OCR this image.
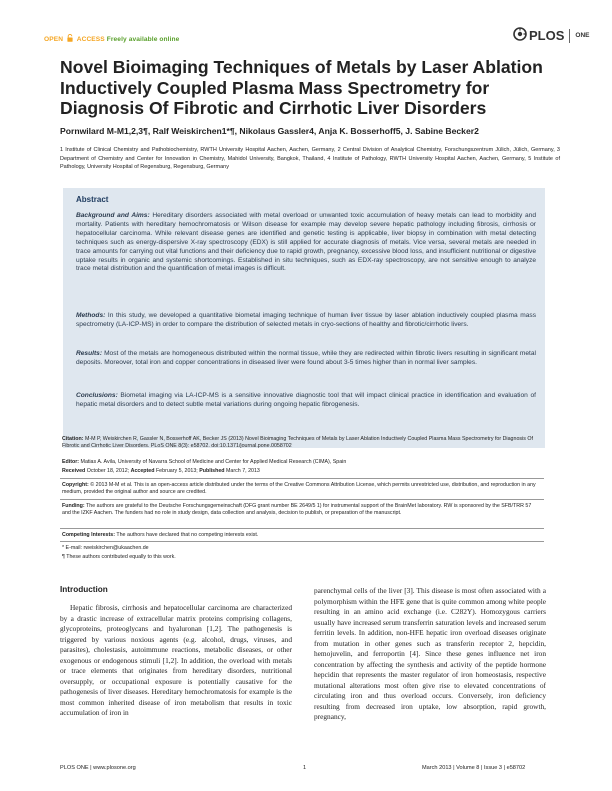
OPEN ACCESS Freely available online	PLOS ONE
Novel Bioimaging Techniques of Metals by Laser Ablation Inductively Coupled Plasma Mass Spectrometry for Diagnosis Of Fibrotic and Cirrhotic Liver Disorders
Pornwilard M-M1,2,3¶, Ralf Weiskirchen1*¶, Nikolaus Gassler4, Anja K. Bosserhoff5, J. Sabine Becker2
1 Institute of Clinical Chemistry and Pathobiochemistry, RWTH University Hospital Aachen, Aachen, Germany, 2 Central Division of Analytical Chemistry, Forschungszentrum Jülich, Jülich, Germany, 3 Department of Chemistry and Center for Innovation in Chemistry, Mahidol University, Bangkok, Thailand, 4 Institute of Pathology, RWTH University Hospital Aachen, Aachen, Germany, 5 Institute of Pathology, University Hospital of Regensburg, Regensburg, Germany
Abstract
Background and Aims: Hereditary disorders associated with metal overload or unwanted toxic accumulation of heavy metals can lead to morbidity and mortality. Patients with hereditary hemochromatosis or Wilson disease for example may develop severe hepatic pathology including fibrosis, cirrhosis or hepatocellular carcinoma. While relevant disease genes are identified and genetic testing is applicable, liver biopsy in combination with metal detecting techniques such as energy-dispersive X-ray spectroscopy (EDX) is still applied for accurate diagnosis of metals. Vice versa, several metals are needed in trace amounts for carrying out vital functions and their deficiency due to rapid growth, pregnancy, excessive blood loss, and insufficient nutritional or digestive uptake results in organic and systemic shortcomings. Established in situ techniques, such as EDX-ray spectroscopy, are not sensitive enough to analyze trace metal distribution and the quantification of metal images is difficult.
Methods: In this study, we developed a quantitative biometal imaging technique of human liver tissue by laser ablation inductively coupled plasma mass spectrometry (LA-ICP-MS) in order to compare the distribution of selected metals in cryo-sections of healthy and fibrotic/cirrhotic livers.
Results: Most of the metals are homogeneous distributed within the normal tissue, while they are redirected within fibrotic livers resulting in significant metal deposits. Moreover, total iron and copper concentrations in diseased liver were found about 3-5 times higher than in normal liver samples.
Conclusions: Biometal imaging via LA-ICP-MS is a sensitive innovative diagnostic tool that will impact clinical practice in identification and evaluation of hepatic metal disorders and to detect subtle metal variations during ongoing hepatic fibrogenesis.
Citation: M-M P, Weiskirchen R, Gassler N, Bosserhoff AK, Becker JS (2013) Novel Bioimaging Techniques of Metals by Laser Ablation Inductively Coupled Plasma Mass Spectrometry for Diagnosis Of Fibrotic and Cirrhotic Liver Disorders. PLoS ONE 8(3): e58702. doi:10.1371/journal.pone.0058702
Editor: Matias A. Avila, University of Navarra School of Medicine and Center for Applied Medical Research (CIMA), Spain
Received October 18, 2012; Accepted February 5, 2013; Published March 7, 2013
Copyright: © 2013 M-M et al. This is an open-access article distributed under the terms of the Creative Commons Attribution License, which permits unrestricted use, distribution, and reproduction in any medium, provided the original author and source are credited.
Funding: The authors are grateful to the Deutsche Forschungsgemeinschaft (DFG grant number BE 2649/5 1) for instrumental support of the BrainMet laboratory. RW is sponsored by the SFB/TRR 57 and the IZKF Aachen. The funders had no role in study design, data collection and analysis, decision to publish, or preparation of the manuscript.
Competing Interests: The authors have declared that no competing interests exist.
* E-mail: rweiskirchen@ukaachen.de
¶ These authors contributed equally to this work.
Introduction
Hepatic fibrosis, cirrhosis and hepatocellular carcinoma are characterized by a drastic increase of extracellular matrix proteins comprising collagens, glycoproteins, proteoglycans and hyaluronan [1,2]. The pathogenesis is triggered by various noxious agents (e.g. alcohol, drugs, viruses, and parasites), cholestasis, autoimmune reactions, metabolic diseases, or other exogenous or endogenous stimuli [1,2]. In addition, the overload with metals or trace elements that originates from hereditary disorders, nutritional oversupply, or occupational exposure is potentially causative for the pathogenesis of liver diseases. Hereditary hemochromatosis for example is the most common inherited disease of iron metabolism that results in toxic accumulation of iron in
parenchymal cells of the liver [3]. This disease is most often associated with a polymorphism within the HFE gene that is quite common among white people resulting in an amino acid exchange (i.e. C282Y). Homozygous carriers usually have increased serum transferrin saturation levels and increased serum ferritin levels. In addition, non-HFE hepatic iron overload diseases originate from mutation in other genes such as transferin receptor 2, hepcidin, hemojuvelin, and ferroportin [4]. Since these genes influence net iron concentration by affecting the synthesis and activity of the peptide hormone hepcidin that represents the master regulator of iron homeostasis, respective mutational alterations most often give rise to elevated concentrations of circulating iron and thus overload occurs. Conversely, iron deficiency resulting from decreased iron uptake, low absorption, rapid growth, pregnancy,
PLOS ONE | www.plosone.org	1	March 2013 | Volume 8 | Issue 3 | e58702
